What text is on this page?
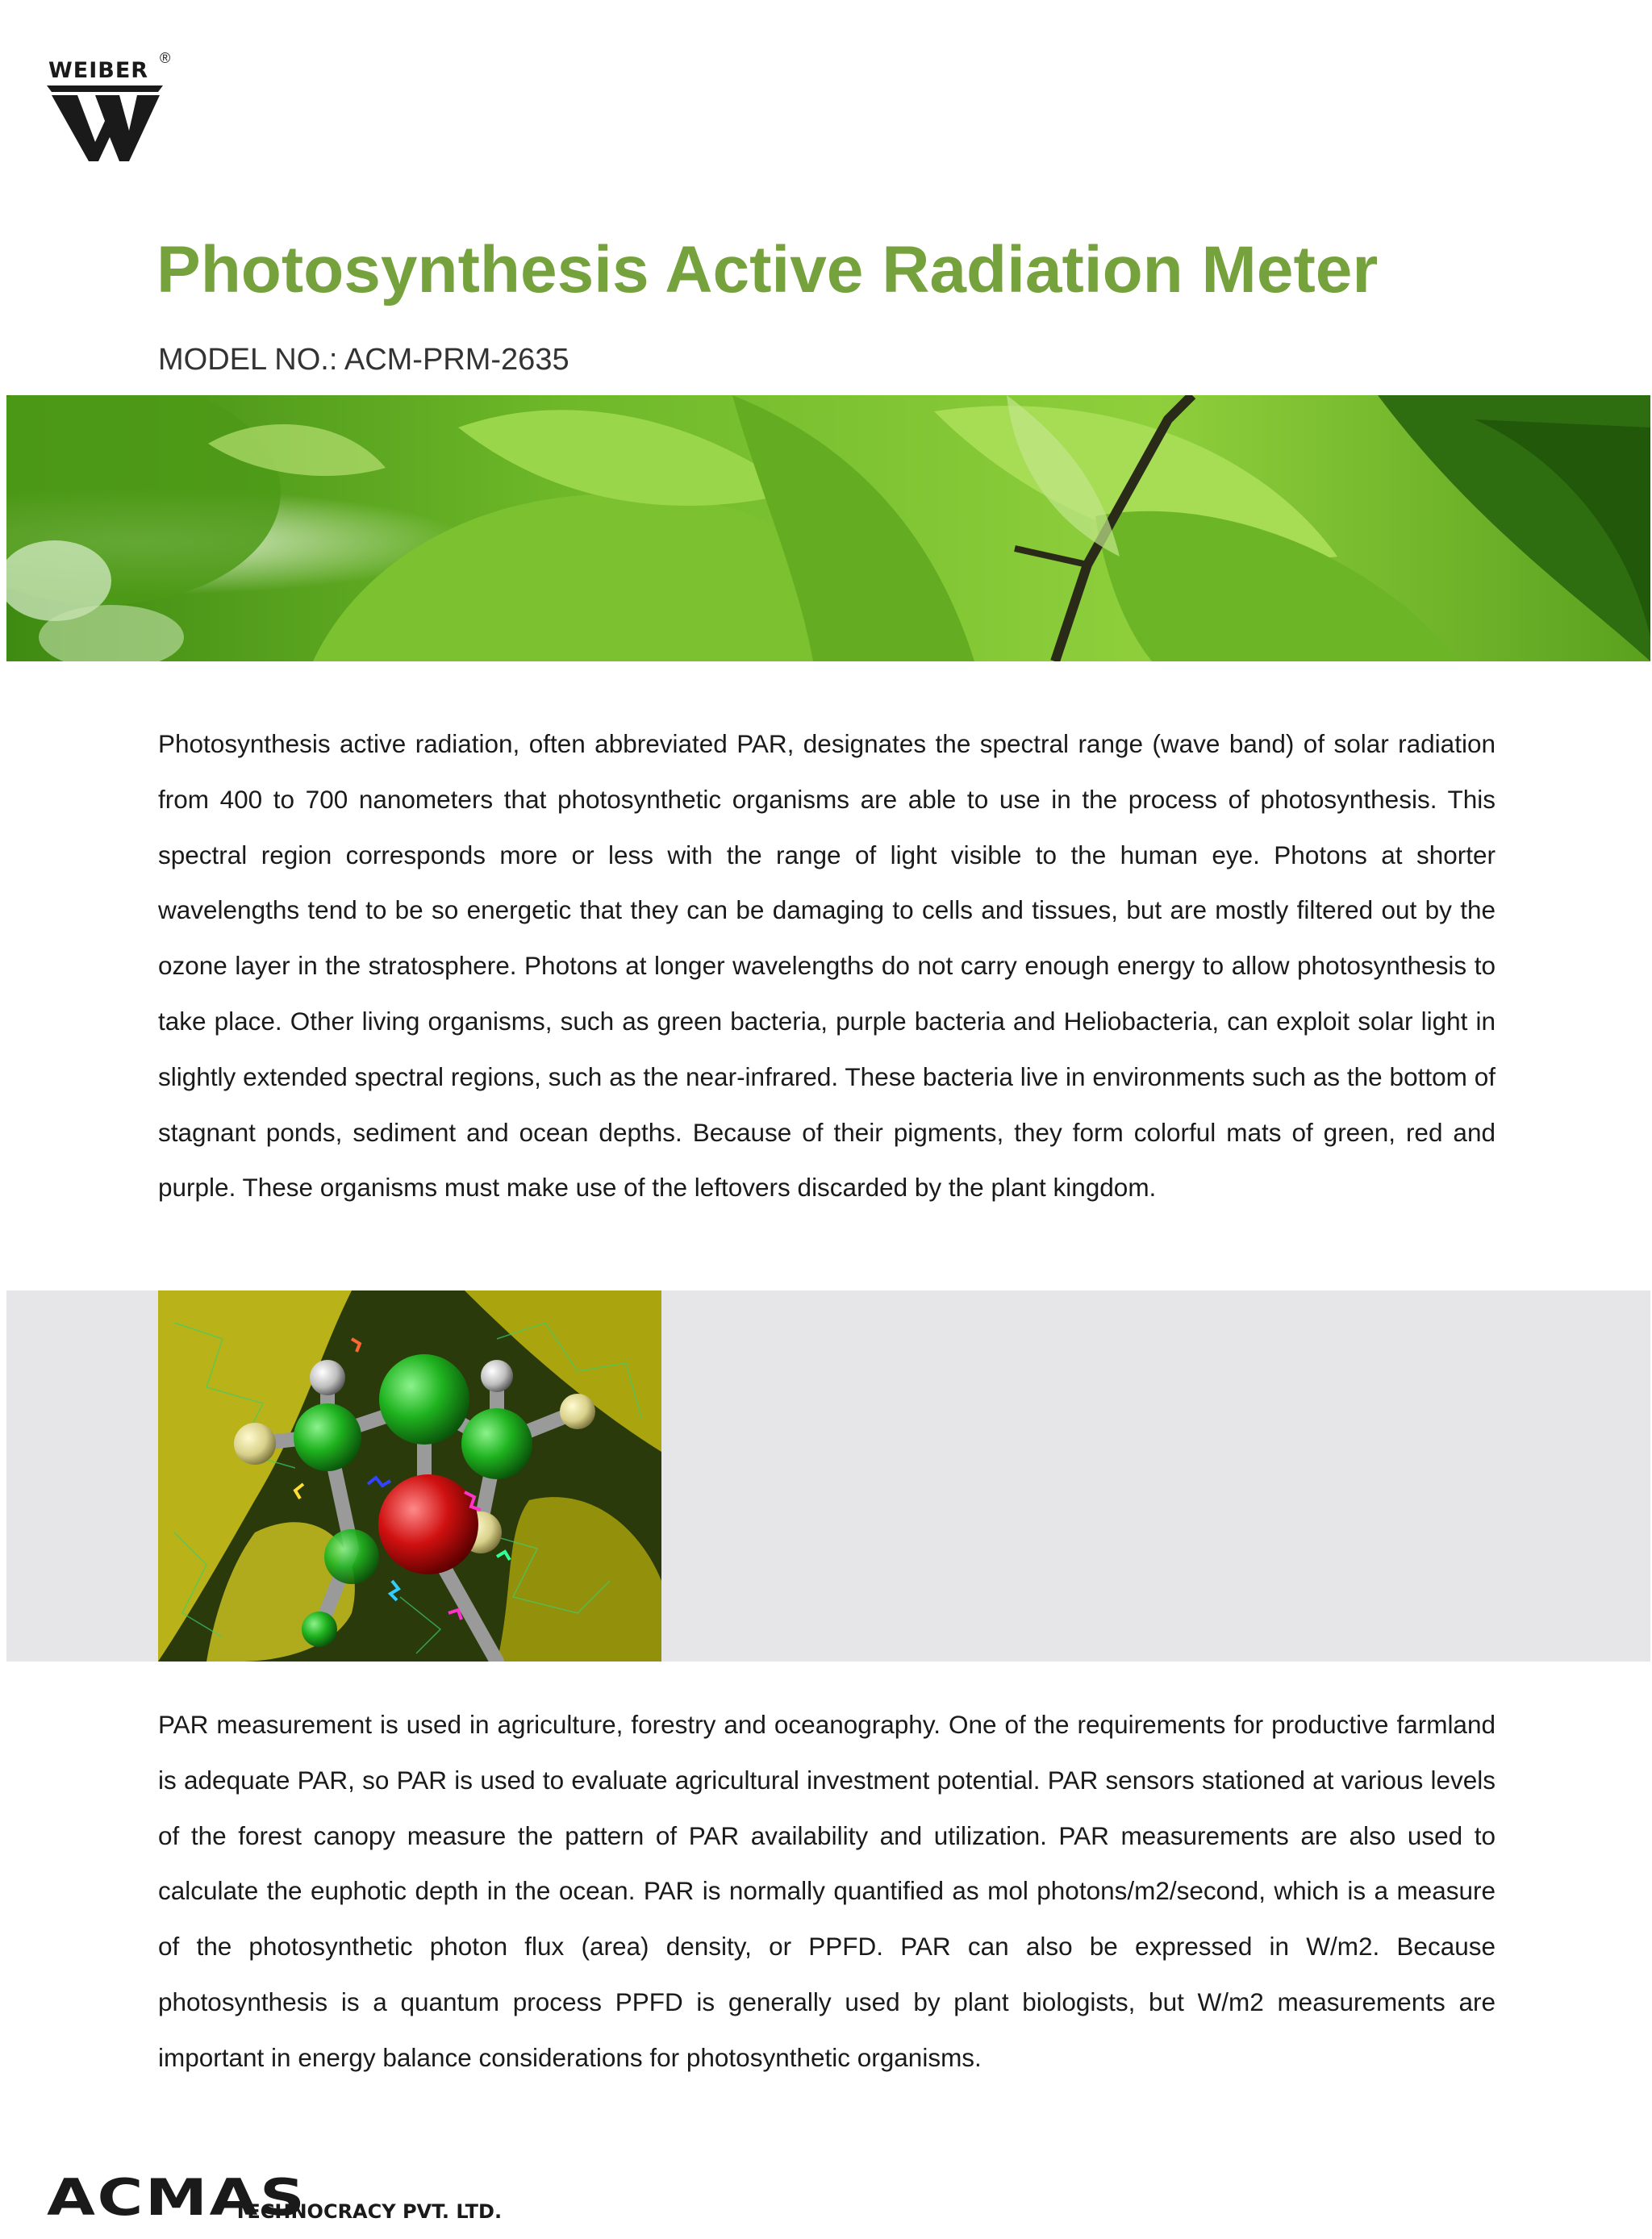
WEIBER ®
Photosynthesis Active Radiation Meter
MODEL NO.: ACM-PRM-2635

Photosynthesis active radiation, often abbreviated PAR, designates the spectral range (wave band) of solar radiation from 400 to 700 nanometers that photosynthetic organisms are able to use in the process of photosynthesis. This spectral region corresponds more or less with the range of light visible to the human eye. Photons at shorter wavelengths tend to be so energetic that they can be damaging to cells and tissues, but are mostly filtered out by the ozone layer in the stratosphere. Photons at longer wavelengths do not carry enough energy to allow photosynthesis to take place. Other living organisms, such as green bacteria, purple bacteria and Heliobacteria, can exploit solar light in slightly extended spectral regions, such as the near-infrared. These bacteria live in environments such as the bottom of stagnant ponds, sediment and ocean depths. Because of their pigments, they form colorful mats of green, red and purple. These organisms must make use of the leftovers discarded by the plant kingdom.

PAR measurement is used in agriculture, forestry and oceanography. One of the requirements for productive farmland is adequate PAR, so PAR is used to evaluate agricultural investment potential. PAR sensors stationed at various levels of the forest canopy measure the pattern of PAR availability and utilization. PAR measurements are also used to calculate the euphotic depth in the ocean. PAR is normally quantified as mol photons/m2/second, which is a measure of the photosynthetic photon flux (area) density, or PPFD. PAR can also be expressed in W/m2. Because photosynthesis is a quantum process PPFD is generally used by plant biologists, but W/m2 measurements are important in energy balance considerations for photosynthetic organisms.

ACMAS
TECHNOCRACY PVT. LTD.
